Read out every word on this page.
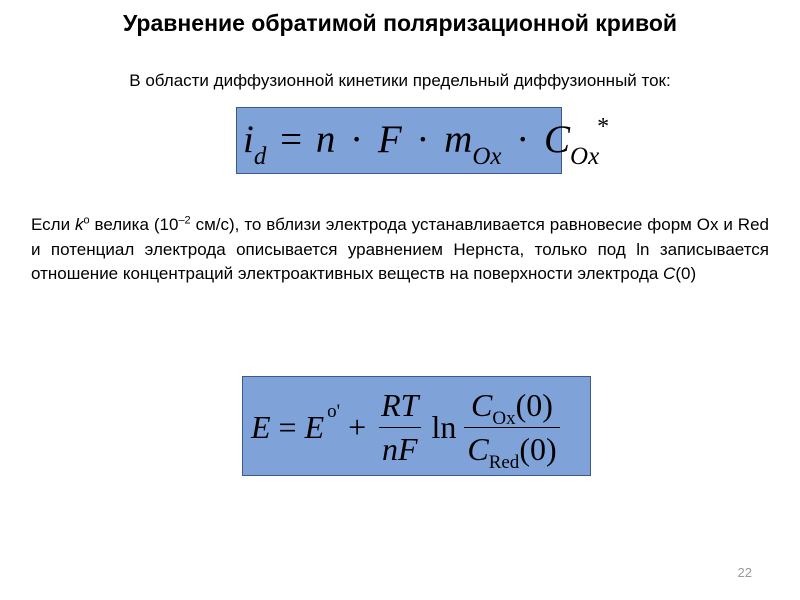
Уравнение обратимой поляризационной кривой
В области диффузионной кинетики предельный диффузионный ток:
$i_d = n \cdot F \cdot m_{Ox} \cdot C_{Ox}^*$
Если $k^o$ велика ($10^{-2}$ см/с), то вблизи электрода устанавливается равновесие форм Ox и Red и потенциал электрода описывается уравнением Нернста, только под ln записывается отношение концентраций электроактивных веществ на поверхности электрода C(0)
E = E $o' + \frac{RT}{nF}$ $\ln \frac{C_{Ox}(0)}{C_{Red}(0)}$
22
